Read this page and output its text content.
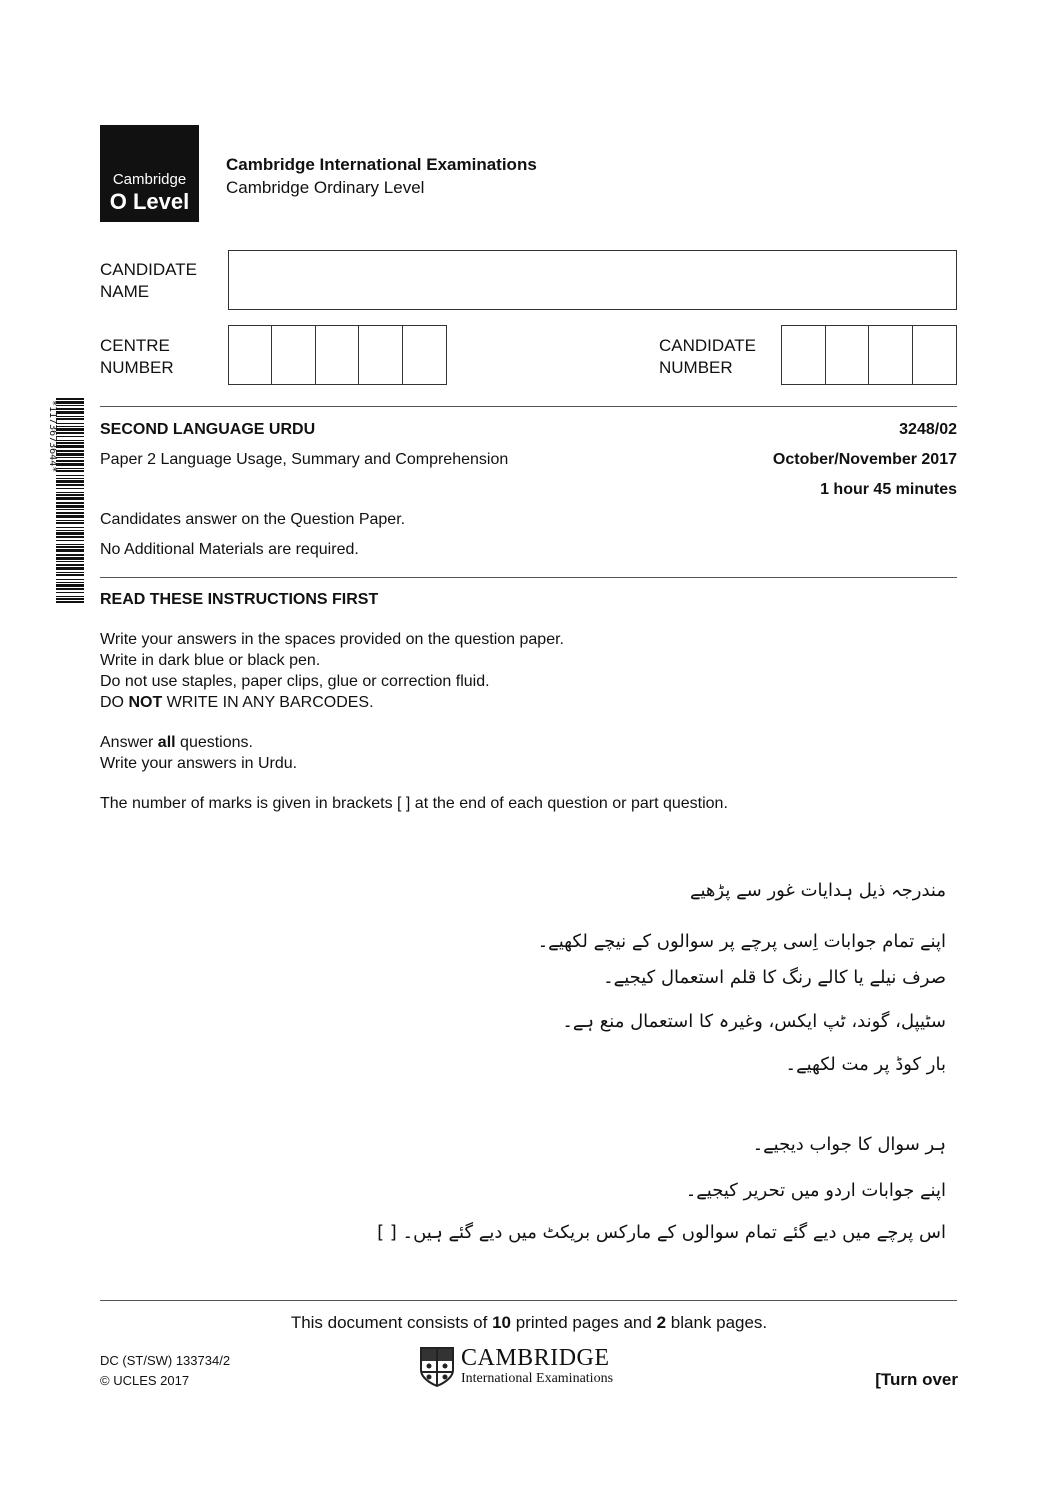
Cambridge
O Level
Cambridge International Examinations
Cambridge Ordinary Level
CANDIDATE
NAME
CENTRE
NUMBER
CANDIDATE
NUMBER
*1173673644*	SECOND LANGUAGE URDU	3248/02
Paper 2 Language Usage, Summary and Comprehension	October/November 2017
1 hour 45 minutes
Candidates answer on the Question Paper.
No Additional Materials are required.
READ THESE INSTRUCTIONS FIRST
Write your answers in the spaces provided on the question paper.
Write in dark blue or black pen.
Do not use staples, paper clips, glue or correction fluid.
DO NOT WRITE IN ANY BARCODES.
Answer all questions.
Write your answers in Urdu.
The number of marks is given in brackets [ ] at the end of each question or part question.
مندرجہ ذیل ہدایات غور سے پڑھیے
اپنے تمام جوابات اِسی پرچے پر سوالوں کے نیچے لکھیے۔
صرف نیلے یا کالے رنگ کا قلم استعمال کیجیے۔
سٹیپل، گوند، ٹپ ایکس، وغیرہ کا استعمال منع ہے۔
بار کوڈ پر مت لکھیے۔
ہر سوال کا جواب دیجیے۔
اپنے جوابات اردو میں تحریر کیجیے۔
اس پرچے میں دیے گئے تمام سوالوں کے مارکس بریکٹ میں دیے گئے ہیں۔ [ ]
This document consists of 10 printed pages and 2 blank pages.
DC (ST/SW) 133734/2
© UCLES 2017
CAMBRIDGE
International Examinations	[Turn over
